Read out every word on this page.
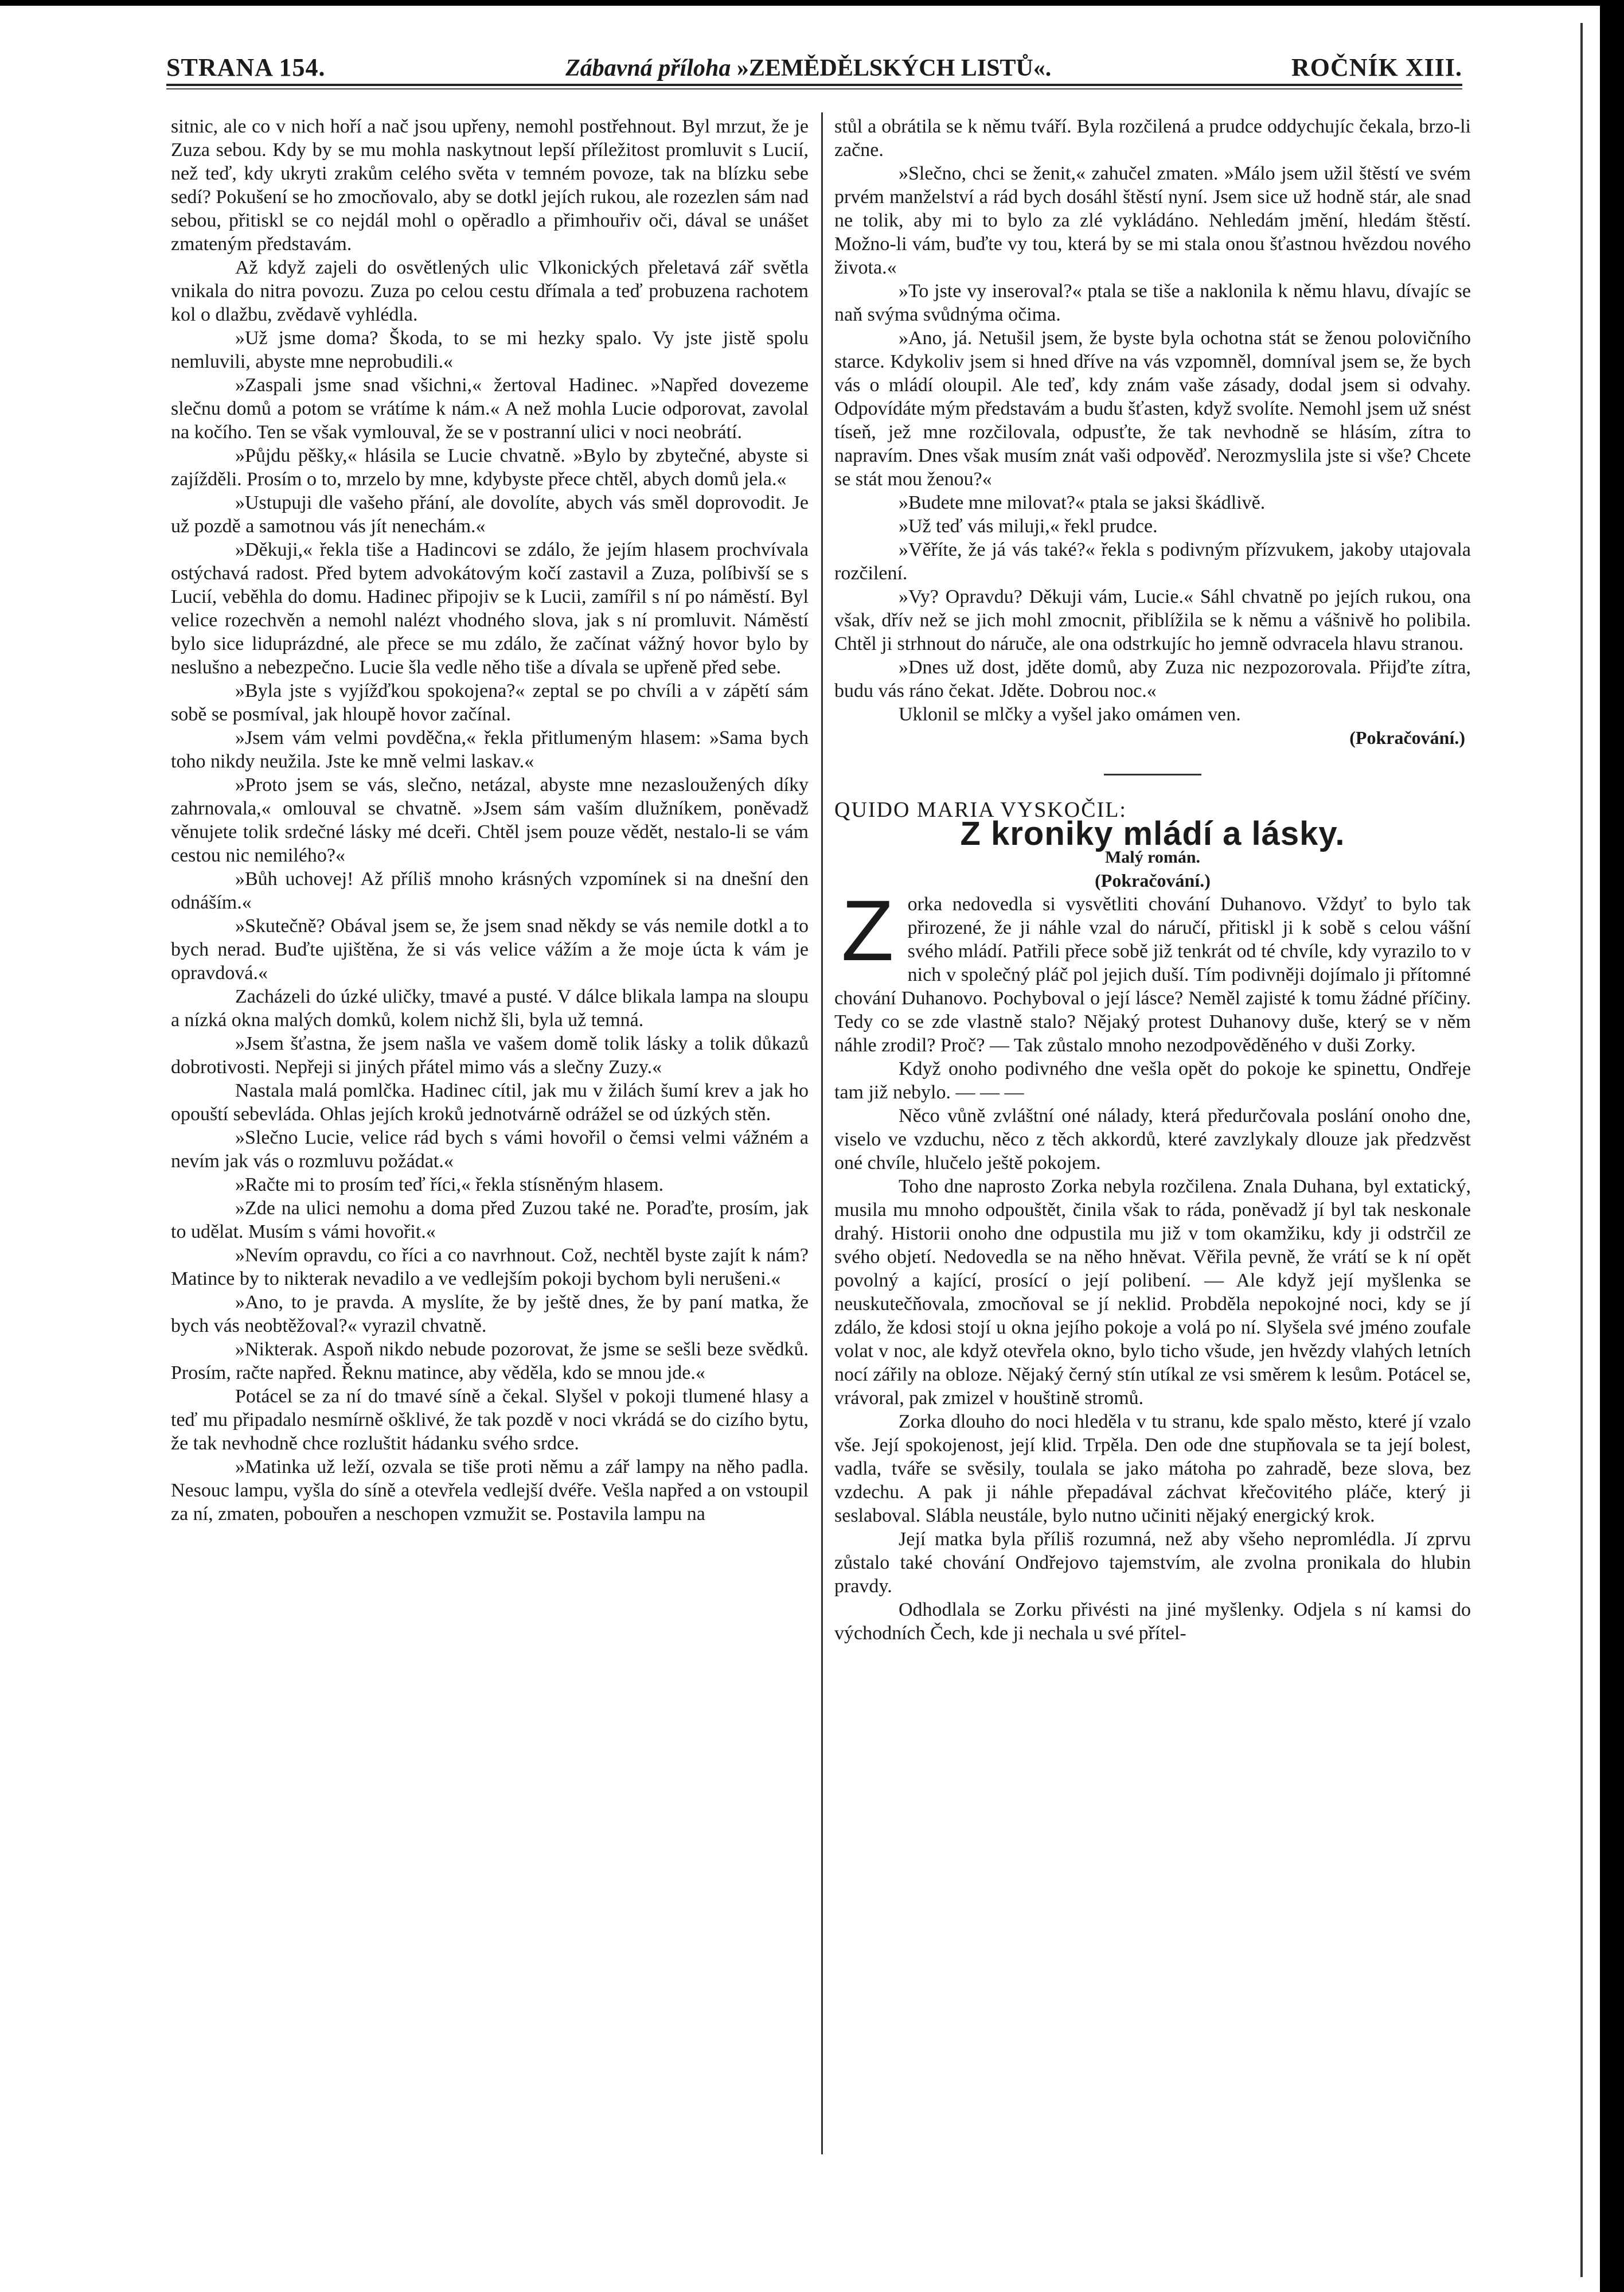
STRANA 154.	Zábavná příloha »ZEMĚDĚLSKÝCH LISTŮ«.	ROČNÍK XIII.

sitnic, ale co v nich hoří a nač jsou upřeny, nemohl postřehnout. Byl mrzut, že je Zuza sebou. Kdy by se mu mohla naskytnout lepší příležitost promluvit s Lucií, než teď, kdy ukryti zrakům celého světa v temném povoze, tak na blízku sebe sedí? Pokušení se ho zmocňovalo, aby se dotkl jejích rukou, ale rozezlen sám nad sebou, přitiskl se co nejdál mohl o opěradlo a přimhouřiv oči, dával se unášet zmateným představám.

Až když zajeli do osvětlených ulic Vlkonických přeletavá zář světla vnikala do nitra povozu. Zuza po celou cestu dřímala a teď probuzena rachotem kol o dlažbu, zvědavě vyhlédla.

»Už jsme doma? Škoda, to se mi hezky spalo. Vy jste jistě spolu nemluvili, abyste mne neprobudili.«

»Zaspali jsme snad všichni,« žertoval Hadinec. »Napřed dovezeme slečnu domů a potom se vrátíme k nám.« A než mohla Lucie odporovat, zavolal na kočího. Ten se však vymlouval, že se v postranní ulici v noci neobrátí.

»Půjdu pěšky,« hlásila se Lucie chvatně. »Bylo by zbytečné, abyste si zajížděli. Prosím o to, mrzelo by mne, kdybyste přece chtěl, abych domů jela.«

»Ustupuji dle vašeho přání, ale dovolíte, abych vás směl doprovodit. Je už pozdě a samotnou vás jít nenechám.«

»Děkuji,« řekla tiše a Hadincovi se zdálo, že jejím hlasem prochvívala ostýchavá radost. Před bytem advokátovým kočí zastavil a Zuza, políbivší se s Lucií, veběhla do domu. Hadinec připojiv se k Lucii, zamířil s ní po náměstí. Byl velice rozechvěn a nemohl nalézt vhodného slova, jak s ní promluvit. Náměstí bylo sice liduprázdné, ale přece se mu zdálo, že začínat vážný hovor bylo by neslušno a nebezpečno. Lucie šla vedle něho tiše a dívala se upřeně před sebe.

»Byla jste s vyjížďkou spokojena?« zeptal se po chvíli a v zápětí sám sobě se posmíval, jak hloupě hovor začínal.

»Jsem vám velmi povděčna,« řekla přitlumeným hlasem: »Sama bych toho nikdy neužila. Jste ke mně velmi laskav.«

»Proto jsem se vás, slečno, netázal, abyste mne nezasloužených díky zahrnovala,« omlouval se chvatně. »Jsem sám vaším dlužníkem, poněvadž věnujete tolik srdečné lásky mé dceři. Chtěl jsem pouze vědět, nestalo-li se vám cestou nic nemilého?«

»Bůh uchovej! Až příliš mnoho krásných vzpomínek si na dnešní den odnáším.«

»Skutečně? Obával jsem se, že jsem snad někdy se vás nemile dotkl a to bych nerad. Buďte ujištěna, že si vás velice vážím a že moje úcta k vám je opravdová.«

Zacházeli do úzké uličky, tmavé a pusté. V dálce blikala lampa na sloupu a nízká okna malých domků, kolem nichž šli, byla už temná.

»Jsem šťastna, že jsem našla ve vašem domě tolik lásky a tolik důkazů dobrotivosti. Nepřeji si jiných přátel mimo vás a slečny Zuzy.«

Nastala malá pomlčka. Hadinec cítil, jak mu v žilách šumí krev a jak ho opouští sebevláda. Ohlas jejích kroků jednotvárně odrážel se od úzkých stěn.

»Slečno Lucie, velice rád bych s vámi hovořil o čemsi velmi vážném a nevím jak vás o rozmluvu požádat.«

»Račte mi to prosím teď říci,« řekla stísněným hlasem.

»Zde na ulici nemohu a doma před Zuzou také ne. Poraďte, prosím, jak to udělat. Musím s vámi hovořit.«

»Nevím opravdu, co říci a co navrhnout. Což, nechtěl byste zajít k nám? Matince by to nikterak nevadilo a ve vedlejším pokoji bychom byli nerušeni.«

»Ano, to je pravda. A myslíte, že by ještě dnes, že by paní matka, že bych vás neobtěžoval?« vyrazil chvatně.

»Nikterak. Aspoň nikdo nebude pozorovat, že jsme se sešli beze svědků. Prosím, račte napřed. Řeknu matince, aby věděla, kdo se mnou jde.«

Potácel se za ní do tmavé síně a čekal. Slyšel v pokoji tlumené hlasy a teď mu připadalo nesmírně ošklivé, že tak pozdě v noci vkrádá se do cizího bytu, že tak nevhodně chce rozluštit hádanku svého srdce.

»Matinka už leží, ozvala se tiše proti němu a zář lampy na něho padla. Nesouc lampu, vyšla do síně a otevřela vedlejší dvéře. Vešla napřed a on vstoupil za ní, zmaten, pobouřen a neschopen vzmužit se. Postavila lampu na

stůl a obrátila se k němu tváří. Byla rozčilená a prudce oddychujíc čekala, brzo-li začne.

»Slečno, chci se ženit,« zahučel zmaten. »Málo jsem užil štěstí ve svém prvém manželství a rád bych dosáhl štěstí nyní. Jsem sice už hodně stár, ale snad ne tolik, aby mi to bylo za zlé vykládáno. Nehledám jmění, hledám štěstí. Možno-li vám, buďte vy tou, která by se mi stala onou šťastnou hvězdou nového života.«

»To jste vy inseroval?« ptala se tiše a naklonila k němu hlavu, dívajíc se naň svýma svůdnýma očima.

»Ano, já. Netušil jsem, že byste byla ochotna stát se ženou polovičního starce. Kdykoliv jsem si hned dříve na vás vzpomněl, domníval jsem se, že bych vás o mládí oloupil. Ale teď, kdy znám vaše zásady, dodal jsem si odvahy. Odpovídáte mým představám a budu šťasten, když svolíte. Nemohl jsem už snést tíseň, jež mne rozčilovala, odpusťte, že tak nevhodně se hlásím, zítra to napravím. Dnes však musím znát vaši odpověď. Nerozmyslila jste si vše? Chcete se stát mou ženou?«

»Budete mne milovat?« ptala se jaksi škádlivě.

»Už teď vás miluji,« řekl prudce.

»Věříte, že já vás také?« řekla s podivným přízvukem, jakoby utajovala rozčilení.

»Vy? Opravdu? Děkuji vám, Lucie.« Sáhl chvatně po jejích rukou, ona však, dřív než se jich mohl zmocnit, přiblížila se k němu a vášnivě ho polibila. Chtěl ji strhnout do náruče, ale ona odstrkujíc ho jemně odvracela hlavu stranou.

»Dnes už dost, jděte domů, aby Zuza nic nezpozorovala. Přijďte zítra, budu vás ráno čekat. Jděte. Dobrou noc.«

Uklonil se mlčky a vyšel jako omámen ven.

(Pokračování.)

QUIDO MARIA VYSKOČIL:

Z kroniky mládí a lásky.

Malý román.

(Pokračování.)

Zorka nedovedla si vysvětliti chování Duhanovo. Vždyť to bylo tak přirozené, že ji náhle vzal do náručí, přitiskl ji k sobě s celou vášní svého mládí. Patřili přece sobě již tenkrát od té chvíle, kdy vyrazilo to v nich v společný pláč pol jejich duší. Tím podivněji dojímalo ji přítomné chování Duhanovo. Pochyboval o její lásce? Neměl zajisté k tomu žádné příčiny. Tedy co se zde vlastně stalo? Nějaký protest Duhanovy duše, který se v něm náhle zrodil? Proč? — Tak zůstalo mnoho nezodpověděného v duši Zorky.

Když onoho podivného dne vešla opět do pokoje ke spinettu, Ondřeje tam již nebylo. — — —

Něco vůně zvláštní oné nálady, která předurčovala poslání onoho dne, viselo ve vzduchu, něco z těch akkordů, které zavzlykaly dlouze jak předzvěst oné chvíle, hlučelo ještě pokojem.

Toho dne naprosto Zorka nebyla rozčilena. Znala Duhana, byl extatický, musila mu mnoho odpouštět, činila však to ráda, poněvadž jí byl tak neskonale drahý. Historii onoho dne odpustila mu již v tom okamžiku, kdy ji odstrčil ze svého objetí. Nedovedla se na něho hněvat. Věřila pevně, že vrátí se k ní opět povolný a kající, prosící o její polibení. — Ale když její myšlenka se neuskutečňovala, zmocňoval se jí neklid. Probděla nepokojné noci, kdy se jí zdálo, že kdosi stojí u okna jejího pokoje a volá po ní. Slyšela své jméno zoufale volat v noc, ale když otevřela okno, bylo ticho všude, jen hvězdy vlahých letních nocí zářily na obloze. Nějaký černý stín utíkal ze vsi směrem k lesům. Potácel se, vrávoral, pak zmizel v houštině stromů.

Zorka dlouho do noci hleděla v tu stranu, kde spalo město, které jí vzalo vše. Její spokojenost, její klid. Trpěla. Den ode dne stupňovala se ta její bolest, vadla, tváře se svěsily, toulala se jako mátoha po zahradě, beze slova, bez vzdechu. A pak ji náhle přepadával záchvat křečovitého pláče, který ji seslaboval. Slábla neustále, bylo nutno učiniti nějaký energický krok.

Její matka byla příliš rozumná, než aby všeho nepromlédla. Jí zprvu zůstalo také chování Ondřejovo tajemstvím, ale zvolna pronikala do hlubin pravdy.

Odhodlala se Zorku přivésti na jiné myšlenky. Odjela s ní kamsi do východních Čech, kde ji nechala u své přítel-
